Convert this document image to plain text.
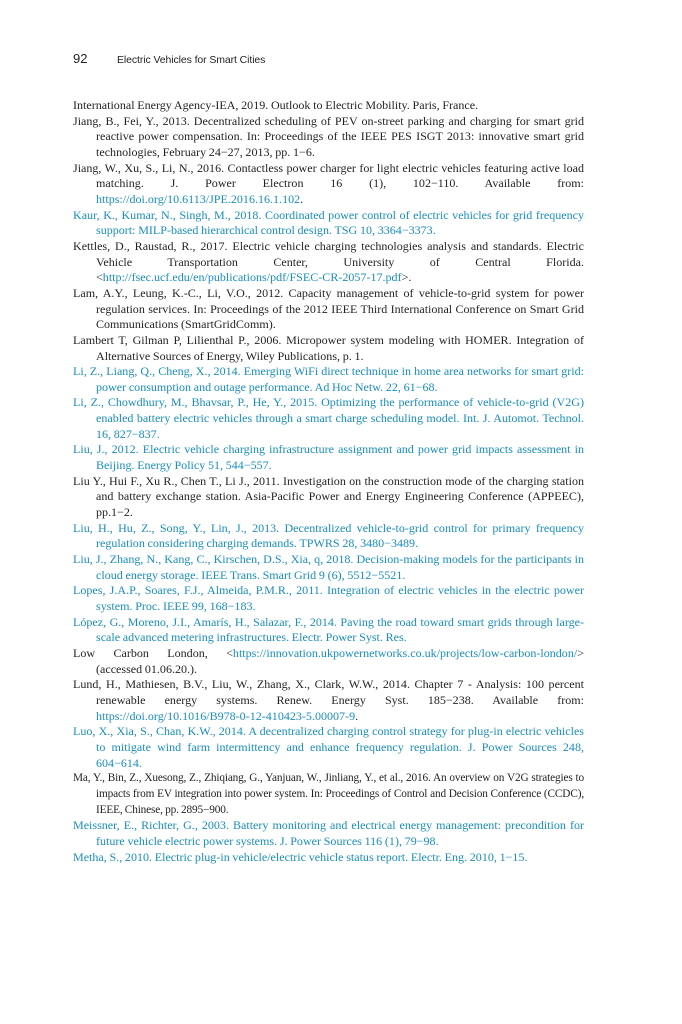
92	Electric Vehicles for Smart Cities
International Energy Agency-IEA, 2019. Outlook to Electric Mobility. Paris, France.
Jiang, B., Fei, Y., 2013. Decentralized scheduling of PEV on-street parking and charging for smart grid reactive power compensation. In: Proceedings of the IEEE PES ISGT 2013: innovative smart grid technologies, February 24−27, 2013, pp. 1−6.
Jiang, W., Xu, S., Li, N., 2016. Contactless power charger for light electric vehicles featuring active load matching. J. Power Electron 16 (1), 102−110. Available from: https://doi.org/10.6113/JPE.2016.16.1.102.
Kaur, K., Kumar, N., Singh, M., 2018. Coordinated power control of electric vehicles for grid frequency support: MILP-based hierarchical control design. TSG 10, 3364−3373.
Kettles, D., Raustad, R., 2017. Electric vehicle charging technologies analysis and standards. Electric Vehicle Transportation Center, University of Central Florida. <http://fsec.ucf.edu/en/publications/pdf/FSEC-CR-2057-17.pdf>.
Lam, A.Y., Leung, K.-C., Li, V.O., 2012. Capacity management of vehicle-to-grid system for power regulation services. In: Proceedings of the 2012 IEEE Third International Conference on Smart Grid Communications (SmartGridComm).
Lambert T, Gilman P, Lilienthal P., 2006. Micropower system modeling with HOMER. Integration of Alternative Sources of Energy, Wiley Publications, p. 1.
Li, Z., Liang, Q., Cheng, X., 2014. Emerging WiFi direct technique in home area networks for smart grid: power consumption and outage performance. Ad Hoc Netw. 22, 61−68.
Li, Z., Chowdhury, M., Bhavsar, P., He, Y., 2015. Optimizing the performance of vehicle-to-grid (V2G) enabled battery electric vehicles through a smart charge scheduling model. Int. J. Automot. Technol. 16, 827−837.
Liu, J., 2012. Electric vehicle charging infrastructure assignment and power grid impacts assessment in Beijing. Energy Policy 51, 544−557.
Liu Y., Hui F., Xu R., Chen T., Li J., 2011. Investigation on the construction mode of the charging station and battery exchange station. Asia-Pacific Power and Energy Engineering Conference (APPEEC), pp.1−2.
Liu, H., Hu, Z., Song, Y., Lin, J., 2013. Decentralized vehicle-to-grid control for primary frequency regulation considering charging demands. TPWRS 28, 3480−3489.
Liu, J., Zhang, N., Kang, C., Kirschen, D.S., Xia, q, 2018. Decision-making models for the participants in cloud energy storage. IEEE Trans. Smart Grid 9 (6), 5512−5521.
Lopes, J.A.P., Soares, F.J., Almeida, P.M.R., 2011. Integration of electric vehicles in the electric power system. Proc. IEEE 99, 168−183.
López, G., Moreno, J.I., Amarís, H., Salazar, F., 2014. Paving the road toward smart grids through large-scale advanced metering infrastructures. Electr. Power Syst. Res.
Low Carbon London, <https://innovation.ukpowernetworks.co.uk/projects/low-carbon-london/> (accessed 01.06.20.).
Lund, H., Mathiesen, B.V., Liu, W., Zhang, X., Clark, W.W., 2014. Chapter 7 - Analysis: 100 percent renewable energy systems. Renew. Energy Syst. 185−238. Available from: https://doi.org/10.1016/B978-0-12-410423-5.00007-9.
Luo, X., Xia, S., Chan, K.W., 2014. A decentralized charging control strategy for plug-in electric vehicles to mitigate wind farm intermittency and enhance frequency regulation. J. Power Sources 248, 604−614.
Ma, Y., Bin, Z., Xuesong, Z., Zhiqiang, G., Yanjuan, W., Jinliang, Y., et al., 2016. An overview on V2G strategies to impacts from EV integration into power system. In: Proceedings of Control and Decision Conference (CCDC), IEEE, Chinese, pp. 2895−900.
Meissner, E., Richter, G., 2003. Battery monitoring and electrical energy management: precondition for future vehicle electric power systems. J. Power Sources 116 (1), 79−98.
Metha, S., 2010. Electric plug-in vehicle/electric vehicle status report. Electr. Eng. 2010, 1−15.
